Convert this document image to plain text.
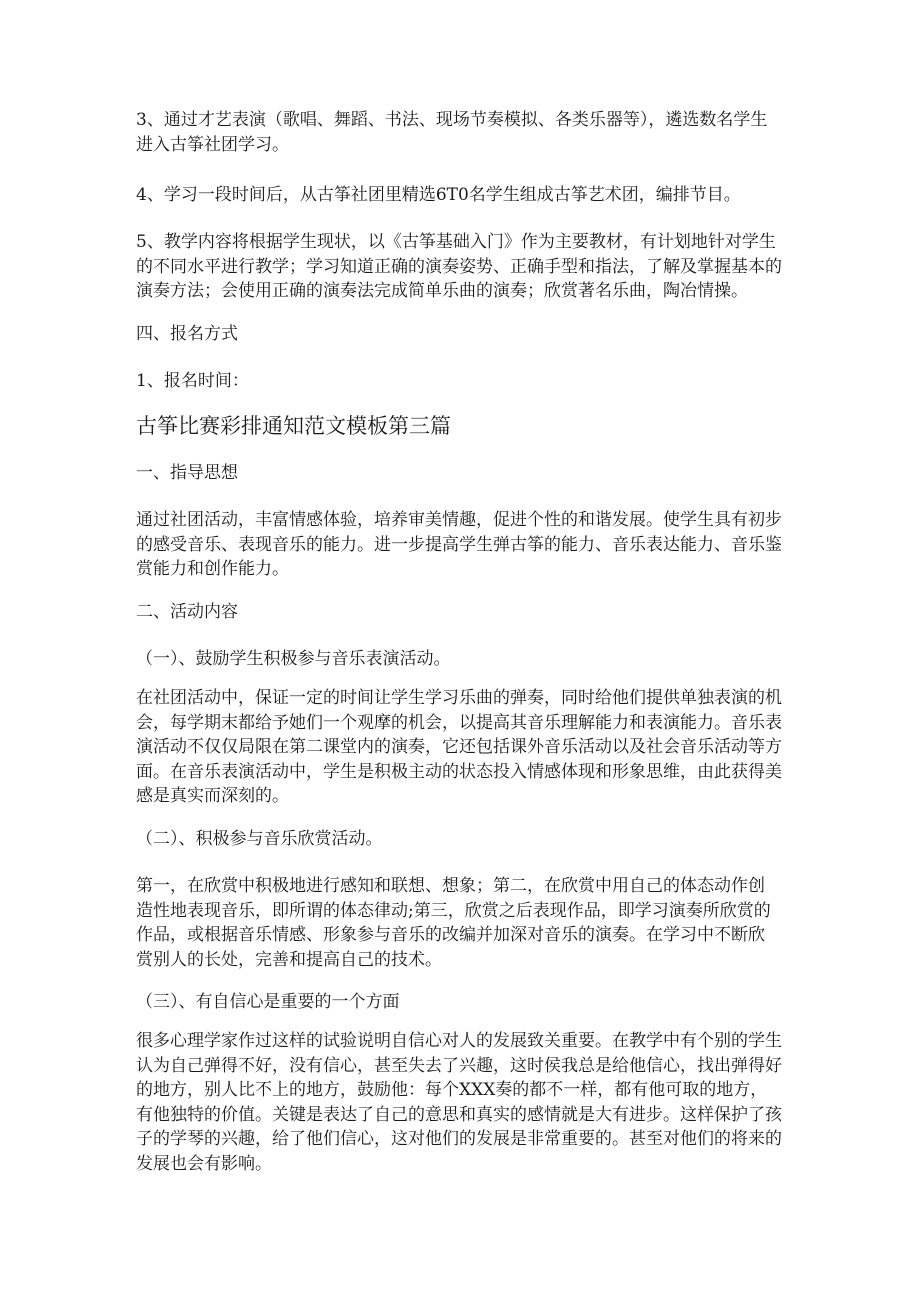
3、通过才艺表演（歌唱、舞蹈、书法、现场节奏模拟、各类乐器等），遴选数名学生
进入古筝社团学习。
4、学习一段时间后，从古筝社团里精选6T0名学生组成古筝艺术团，编排节目。
5、教学内容将根据学生现状，以《古筝基础入门》作为主要教材，有计划地针对学生
的不同水平进行教学；学习知道正确的演奏姿势、正确手型和指法，了解及掌握基本的
演奏方法；会使用正确的演奏法完成简单乐曲的演奏；欣赏著名乐曲，陶冶情操。
四、报名方式
1、报名时间：
古筝比赛彩排通知范文模板第三篇
一、指导思想
通过社团活动，丰富情感体验，培养审美情趣，促进个性的和谐发展。使学生具有初步
的感受音乐、表现音乐的能力。进一步提高学生弹古筝的能力、音乐表达能力、音乐鉴
赏能力和创作能力。
二、活动内容
（一）、鼓励学生积极参与音乐表演活动。
在社团活动中，保证一定的时间让学生学习乐曲的弹奏，同时给他们提供单独表演的机
会，每学期末都给予她们一个观摩的机会，以提高其音乐理解能力和表演能力。音乐表
演活动不仅仅局限在第二课堂内的演奏，它还包括课外音乐活动以及社会音乐活动等方
面。在音乐表演活动中，学生是积极主动的状态投入情感体现和形象思维，由此获得美
感是真实而深刻的。
（二）、积极参与音乐欣赏活动。
第一，在欣赏中积极地进行感知和联想、想象；第二，在欣赏中用自己的体态动作创
造性地表现音乐，即所谓的体态律动;第三，欣赏之后表现作品，即学习演奏所欣赏的
作品，或根据音乐情感、形象参与音乐的改编并加深对音乐的演奏。在学习中不断欣
赏别人的长处，完善和提高自己的技术。
（三）、有自信心是重要的一个方面
很多心理学家作过这样的试验说明自信心对人的发展致关重要。在教学中有个别的学生
认为自己弹得不好，没有信心，甚至失去了兴趣，这时侯我总是给他信心，找出弹得好
的地方，别人比不上的地方，鼓励他：每个XXX奏的都不一样，都有他可取的地方，
有他独特的价值。关键是表达了自己的意思和真实的感情就是大有进步。这样保护了孩
子的学琴的兴趣，给了他们信心，这对他们的发展是非常重要的。甚至对他们的将来的
发展也会有影响。
